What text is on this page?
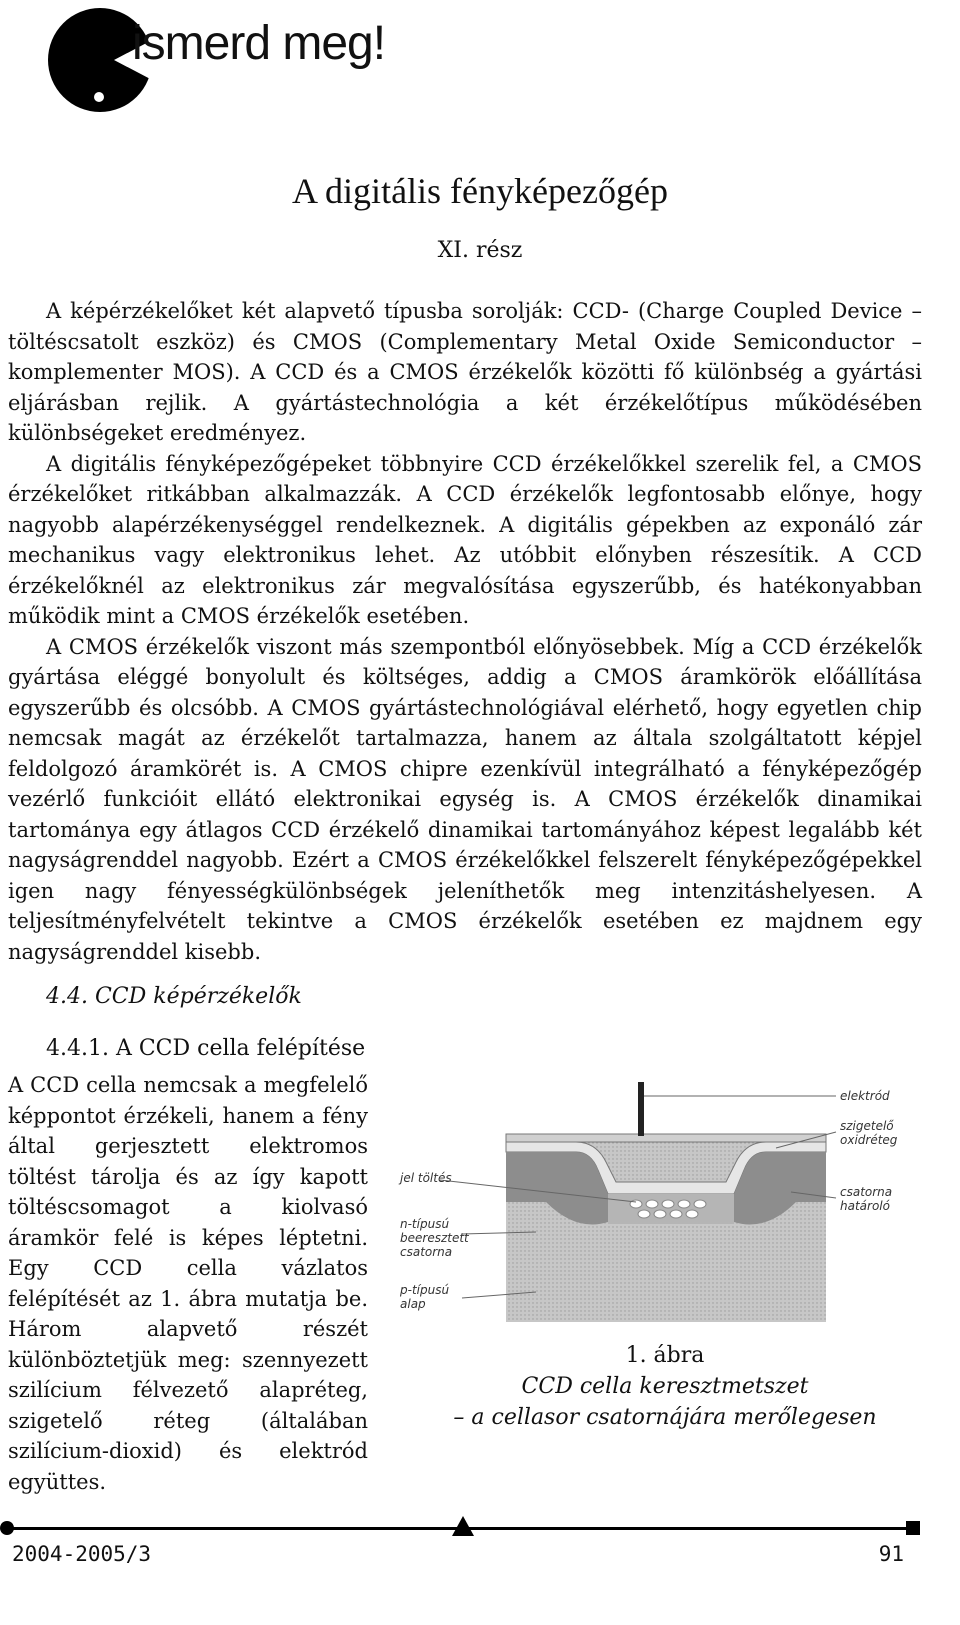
ismerd meg!
A digitális fényképezőgép
XI. rész

A képérzékelőket két alapvető típusba sorolják: CCD- (Charge Coupled Device – töltéscsatolt eszköz) és CMOS (Complementary Metal Oxide Semiconductor – komplementer MOS). A CCD és a CMOS érzékelők közötti fő különbség a gyártási eljárásban rejlik. A gyártástechnológia a két érzékelőtípus működésében különbségeket eredményez.

A digitális fényképezőgépeket többnyire CCD érzékelőkkel szerelik fel, a CMOS érzékelőket ritkábban alkalmazzák. A CCD érzékelők legfontosabb előnye, hogy nagyobb alapérzékenységgel rendelkeznek. A digitális gépekben az exponáló zár mechanikus vagy elektronikus lehet. Az utóbbit előnyben részesítik. A CCD érzékelőknél az elektronikus zár megvalósítása egyszerűbb, és hatékonyabban működik mint a CMOS érzékelők esetében.

A CMOS érzékelők viszont más szempontból előnyösebbek. Míg a CCD érzékelők gyártása eléggé bonyolult és költséges, addig a CMOS áramkörök előállítása egyszerűbb és olcsóbb. A CMOS gyártástechnológiával elérhető, hogy egyetlen chip nemcsak magát az érzékelőt tartalmazza, hanem az általa szolgáltatott képjel feldolgozó áramkörét is. A CMOS chipre ezenkívül integrálható a fényképezőgép vezérlő funkcióit ellátó elektronikai egység is. A CMOS érzékelők dinamikai tartománya egy átlagos CCD érzékelő dinamikai tartományához képest legalább két nagyságrenddel nagyobb. Ezért a CMOS érzékelőkkel felszerelt fényképezőgépekkel igen nagy fényességkülönbségek jeleníthetők meg intenzitáshelyesen. A teljesítményfelvételt tekintve a CMOS érzékelők esetében ez majdnem egy nagyságrenddel kisebb.

4.4. CCD képérzékelők
4.4.1. A CCD cella felépítése

A CCD cella nemcsak a megfelelő képpontot érzékeli, hanem a fény által gerjesztett elektromos töltést tárolja és az így kapott töltéscsomagot a kiolvasó áramkör felé is képes léptetni. Egy CCD cella vázlatos felépítését az 1. ábra mutatja be. Három alapvető részét különböztetjük meg: szennyezett szilícium félvezető alapréteg, szigetelő réteg (általában szilícium-dioxid) és elektród együttes.

elektród
szigetelő
oxidréteg
jel töltés
csatorna
határoló
n-típusú
beeresztett
csatorna
p-típusú
alap
1. ábra
CCD cella keresztmetszet
– a cellasor csatornájára merőlegesen
2004-2005/3	91
